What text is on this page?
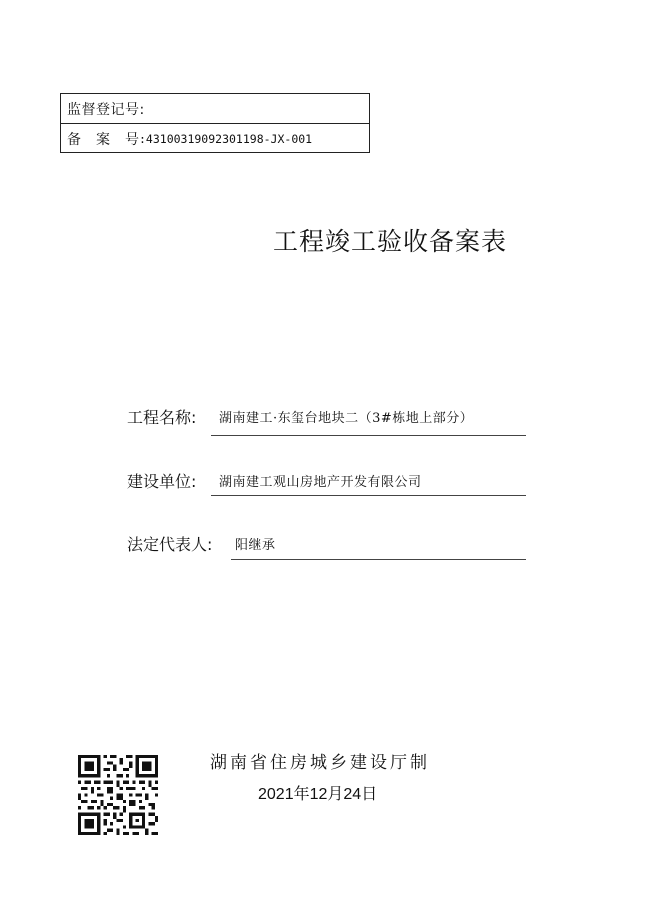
监督登记号:
备案号
:43100319092301198-JX-001
工程竣工验收备案表
工程名称: 湖南建工·东玺台地块二（3#栋地上部分）
建设单位: 湖南建工观山房地产开发有限公司
法定代表人: 阳继承
湖南省住房城乡建设厅制
2021年12月24日
